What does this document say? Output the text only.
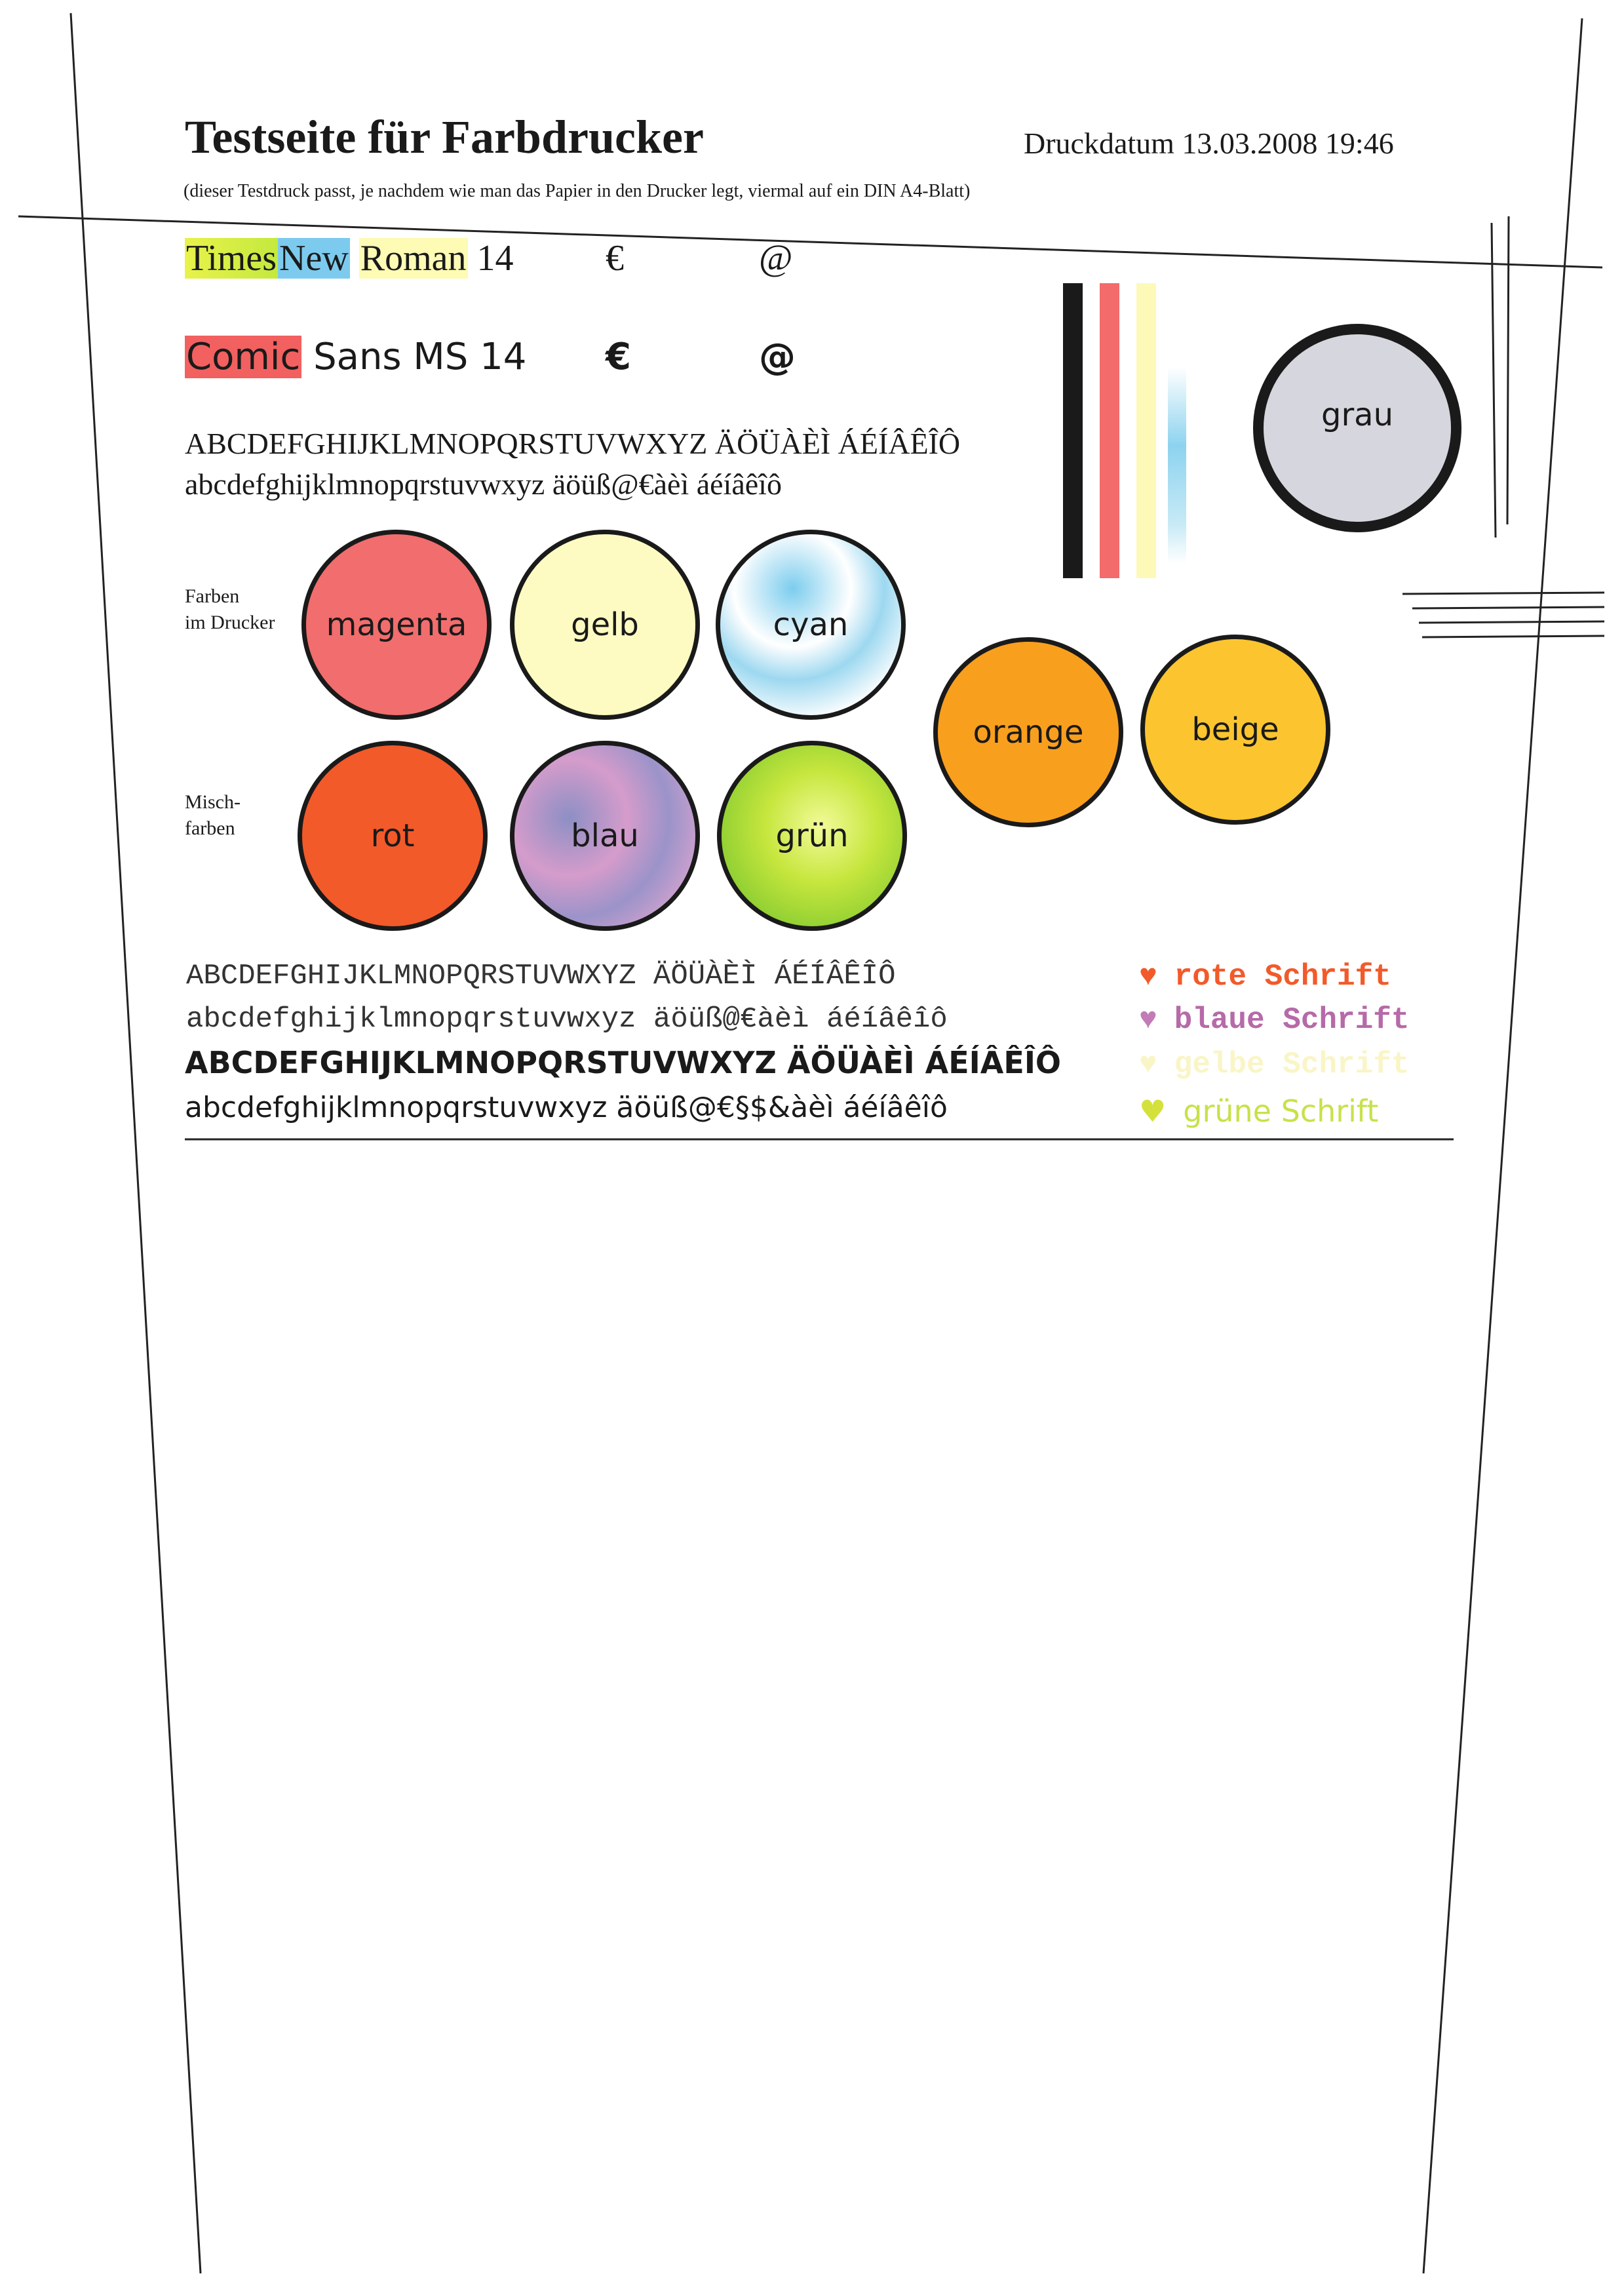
Testseite für Farbdrucker	Druckdatum 13.03.2008 19:46
(dieser Testdruck passt, je nachdem wie man das Papier in den Drucker legt, viermal auf ein DIN A4-Blatt)
TimesNew Roman 14	€	@
Comic Sans MS 14 €	@
ABCDEFGHIJKLMNOPQRSTUVWXYZ ÄÖÜÀÈÌ ÁÉÍÂÊÎÔ
abcdefghijklmnopqrstuvwxyz äöüß@€àèì áéíâêîô
grau
Farben
im Drucker
Misch-
farben
magenta	gelb	cyan
orange	beige
rot	blau	grün
ABCDEFGHIJKLMNOPQRSTUVWXYZ ÄÖÜÀÈÌ ÁÉÍÂÊÎÔ
abcdefghijklmnopqrstuvwxyz äöüß@€àèì áéíâêîô
ABCDEFGHIJKLMNOPQRSTUVWXYZ ÄÖÜÀÈÌ ÁÉÍÂÊÎÔ
abcdefghijklmnopqrstuvwxyz äöüß@€§$&àèì áéíâêîô
♥ rote Schrift
♥ blaue Schrift
♥ gelbe Schrift
♥ grüne Schrift
